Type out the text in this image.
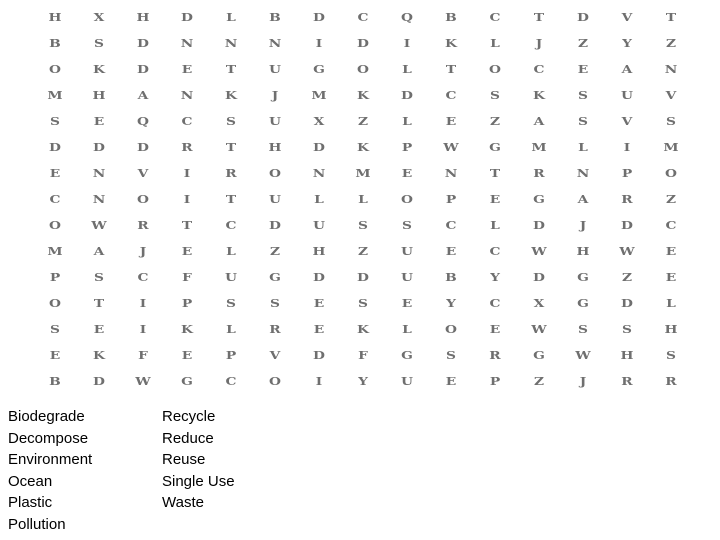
H	X	H	D	L	B	D	C	Q	B	C	T	D	V	T
B	S	D	N	N	N	I	D	I	K	L	J	Z	Y	Z
O	K	D	E	T	U	G	O	L	T	O	C	E	A	N
M	H	A	N	K	J	M	K	D	C	S	K	S	U	V
S	E	Q	C	S	U	X	Z	L	E	Z	A	S	V	S
D	D	D	R	T	H	D	K	P	W	G	M	L	I	M
E	N	V	I	R	O	N	M	E	N	T	R	N	P	O
C	N	O	I	T	U	L	L	O	P	E	G	A	R	Z
O	W	R	T	C	D	U	S	S	C	L	D	J	D	C
M	A	J	E	L	Z	H	Z	U	E	C	W	H	W	E
P	S	C	F	U	G	D	D	U	B	Y	D	G	Z	E
O	T	I	P	S	S	E	S	E	Y	C	X	G	D	L
S	E	I	K	L	R	E	K	L	O	E	W	S	S	H
E	K	F	E	P	V	D	F	G	S	R	G	W	H	S
B	D	W	G	C	O	I	Y	U	E	P	Z	J	R	R
Biodegrade
Decompose
Environment
Ocean
Plastic
Pollution
Recycle
Reduce
Reuse
Single Use
Waste
